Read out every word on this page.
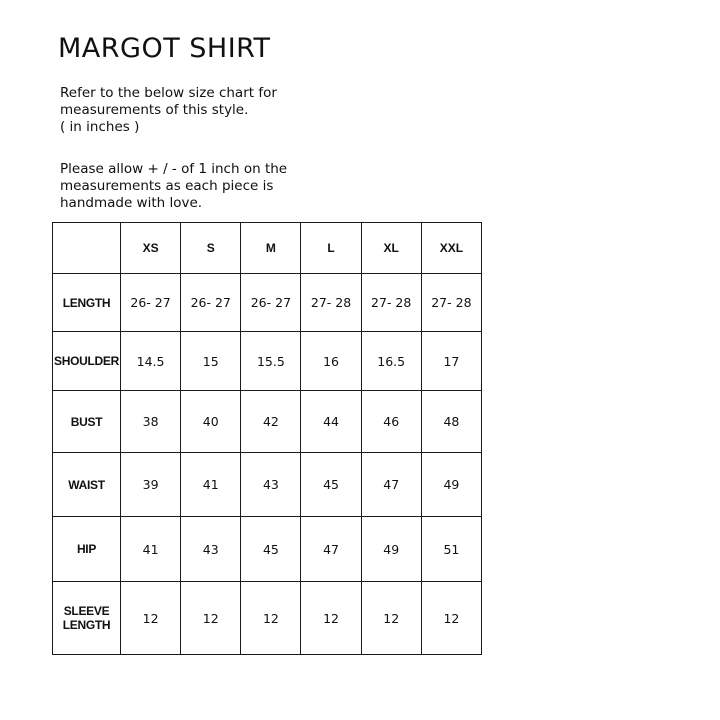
MARGOT SHIRT

Refer to the below size chart for
measurements of this style.
( in inches )

Please allow + / - of 1 inch on the
measurements as each piece is
handmade with love.

	XS	S	M	L	XL	XXL
LENGTH	26- 27	26- 27	26- 27	27- 28	27- 28	27- 28
SHOULDER	14.5	15	15.5	16	16.5	17
BUST	38	40	42	44	46	48
WAIST	39	41	43	45	47	49
HIP	41	43	45	47	49	51
SLEEVE
LENGTH	12	12	12	12	12	12
